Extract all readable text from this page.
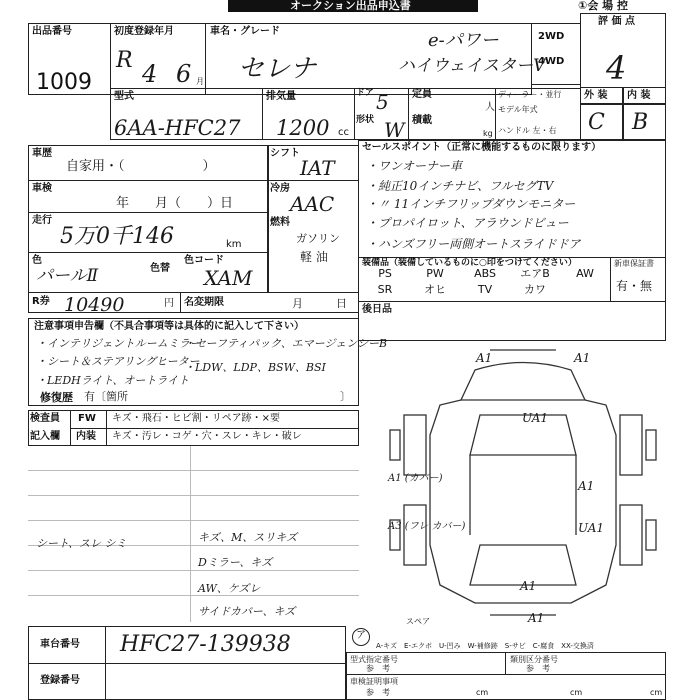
オークション出品申込書	①会 場 控
出品番号
1009
初度登録年月
R 4 6 月
車名・グレード
セレナ
e-パワー
ハイウェイスターV
2WD
4WD
評 価 点
4
型式
6AA-HFC27
排気量
1200 cc
ドア 5
形状 W
定員
人
積載
kg
ディーラー・並行
モデル年式
ハンドル 左・右
外 装 内 装
C B
車歴
自家用・（　　　　　　）
車検
年　　月（　　）日
走行
5万0千146	km
色
パールⅡ	色替
シフト
IAT
冷房
AAC
燃料
ガソリン
軽 油
色コード
XAM
R券 10490	円 名変期限	月　　　日
セールスポイント（正常に機能するものに限ります）
・ワンオーナー車
・純正10インチナビ、フルセグTV
・〃 11インチフリップダウンモニター
・プロパイロット、アラウンドビュー
・ハンズフリー両側オートスライドドア
装備品（装備しているものに○印をつけてください）	新車保証書
有・無
PS	PW	ABS	エアB	AW
SR	オヒ	TV	カワ
後日品
注意事項申告欄（不具合事項等は具体的に記入して下さい）
・インテリジェントルームミラー
・セーフティパック、エマージェンシーB
・シート＆ステアリングヒーター
・LEDHライト、オートライト
・LDW、LDP、BSW、BSI
修復歴 有〔箇所	〕
検査員
記入欄
FW キズ・飛石・ヒビ割・リペア跡・×要
内装 キズ・汚レ・コゲ・穴・スレ・キレ・破レ
シート、スレ シミ	キズ、M、スリキズ
Dミラー、キズ
AW、ケズレ
サイドカバー、キズ
A1	A1
UA1
A1 (カバー)
A1
A3 (フレ カバー)	UA1
A1
A1
スペア
ア
A-キズ　E-エクボ　U-凹み　W-補修跡　S-サビ　C-腐食　XX-交換済
車台番号 HFC27-139938
登録番号
型式指定番号
参　考
類別区分番号
参　考
車検証明事項
参　考	cm	cm	cm
